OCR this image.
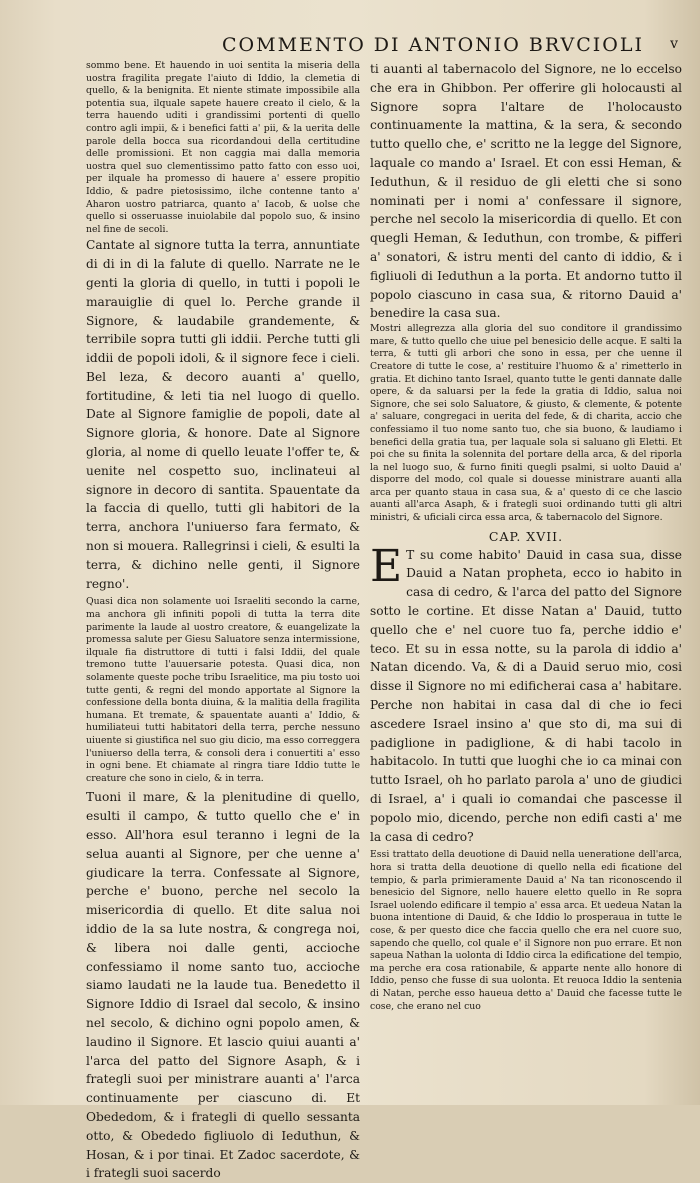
COMMENTO DI ANTONIO BRVCIOLI	v

sommo bene. Et hauendo in uoi sentita la miseria della uostra fragilita pregate l'aiuto di Iddio, la clemetia di quello, & la benignita. Et niente stimate impossibile alla potentia sua, ilquale sapete hauere creato il cielo, & la terra hauendo uditi i grandissimi portenti di quello contro agli impii, & i benefici fatti a' pii, & la uerita delle parole della bocca sua ricordandoui della certitudine delle promissioni. Et non caggia mai dalla memoria uostra quel suo clementissimo patto fatto con esso uoi, per ilquale ha promesso di hauere a' essere propitio Iddio, & padre pietosissimo, ilche contenne tanto a' Aharon uostro patriarca, quanto a' Iacob, & uolse che quello si osseruasse inuiolabile dal popolo suo, & insino nel fine de secoli.

Cantate al signore tutta la terra, annuntiate di di in di la falute di quello. Narrate ne le genti la gloria di quello, in tutti i popoli le marauiglie di quel lo. Perche grande il Signore, & laudabile grandemente, & terribile sopra tutti gli iddii. Perche tutti gli iddii de popoli idoli, & il signore fece i cieli. Bel leza, & decoro auanti a' quello, fortitudine, & leti tia nel luogo di quello. Date al Signore famiglie de popoli, date al Signore gloria, & honore. Date al Signore gloria, al nome di quello leuate l'offer te, & uenite nel cospetto suo, inclinateui al signore in decoro di santita. Spauentate da la faccia di quello, tutti gli habitori de la terra, anchora l'uniuerso fara fermato, & non si mouera. Rallegrinsi i cieli, & esulti la terra, & dichino nelle genti, il Signore regno'.

Quasi dica non solamente uoi Israeliti secondo la carne, ma anchora gli infiniti popoli di tutta la terra dite parimente la laude al uostro creatore, & euangelizate la promessa salute per Giesu Saluatore senza intermissione, ilquale fia distruttore di tutti i falsi Iddii, del quale tremono tutte l'auuersarie potesta. Quasi dica, non solamente queste poche tribu Israelitice, ma piu tosto uoi tutte genti, & regni del mondo apportate al Signore la confessione della bonta diuina, & la malitia della fragilita humana. Et tremate, & spauentate auanti a' Iddio, & humiliateui tutti habitatori della terra, perche nessuno uiuente si giustifica nel suo giu dicio, ma esso correggera l'uniuerso della terra, & consoli dera i conuertiti a' esso in ogni bene. Et chiamate al ringra tiare Iddio tutte le creature che sono in cielo, & in terra.

Tuoni il mare, & la plenitudine di quello, esulti il campo, & tutto quello che e' in esso. All'hora esul teranno i legni de la selua auanti al Signore, per che uenne a' giudicare la terra. Confessate al Signore, perche e' buono, perche nel secolo la misericordia di quello. Et dite salua noi iddio de la sa lute nostra, & congrega noi, & libera noi dalle genti, accioche confessiamo il nome santo tuo, accioche siamo laudati ne la laude tua. Benedetto il Signore Iddio di Israel dal secolo, & insino nel secolo, & dichino ogni popolo amen, & laudino il Signore. Et lascio quiui auanti a' l'arca del patto del Signore Asaph, & i frategli suoi per ministrare auanti a' l'arca continuamente per ciascuno di. Et Obededom, & i frategli di quello sessanta otto, & Obededo figliuolo di Ieduthun, & Hosan, & i por tinai. Et Zadoc sacerdote, & i frategli suoi sacerdo

ti auanti al tabernacolo del Signore, ne lo eccelso che era in Ghibbon. Per offerire gli holocausti al Signore sopra l'altare de l'holocausto continuamente la mattina, & la sera, & secondo tutto quello che, e' scritto ne la legge del Signore, laquale co mando a' Israel. Et con essi Heman, & Ieduthun, & il residuo de gli eletti che si sono nominati per i nomi a' confessare il signore, perche nel secolo la misericordia di quello. Et con quegli Heman, & Ieduthun, con trombe, & pifferi a' sonatori, & istru menti del canto di iddio, & i figliuoli di Ieduthun a la porta. Et andorno tutto il popolo ciascuno in casa sua, & ritorno Dauid a' benedire la casa sua.

Mostri allegrezza alla gloria del suo conditore il grandissimo mare, & tutto quello che uiue pel benesicio delle acque. E salti la terra, & tutti gli arbori che sono in essa, per che uenne il Creatore di tutte le cose, a' restituire l'huomo & a' rimetterlo in gratia. Et dichino tanto Israel, quanto tutte le genti dannate dalle opere, & da saluarsi per la fede la gratia di Iddio, salua noi Signore, che sei solo Saluatore, & giusto, & clemente, & potente a' saluare, congregaci in uerita del fede, & di charita, accio che confessiamo il tuo nome santo tuo, che sia buono, & laudiamo i benefici della gratia tua, per laquale sola si saluano gli Eletti. Et poi che su finita la solennita del portare della arca, & del riporla la nel luogo suo, & furno finiti quegli psalmi, si uolto Dauid a' disporre del modo, col quale si douesse ministrare auanti alla arca per quanto staua in casa sua, & a' questo di ce che lascio auanti all'arca Asaph, & i frategli suoi ordinando tutti gli altri ministri, & uficiali circa essa arca, & tabernacolo del Signore.

CAP. XVII.

E T su come habito' Dauid in casa sua, disse Dauid a Natan propheta, ecco io habito in casa di cedro, & l'arca del patto del Signore sotto le cortine. Et disse Natan a' Dauid, tutto quello che e' nel cuore tuo fa, perche iddio e' teco. Et su in essa notte, su la parola di iddio a' Natan dicendo. Va, & di a Dauid seruo mio, cosi disse il Signore no mi edificherai casa a' habitare. Perche non habitai in casa dal di che io feci ascedere Israel insino a' que sto di, ma sui di padiglione in padiglione, & di habi tacolo in habitacolo. In tutti que luoghi che io ca minai con tutto Israel, oh ho parlato parola a' uno de giudici di Israel, a' i quali io comandai che pascesse il popolo mio, dicendo, perche non edifi casti a' me la casa di cedro?

Essi trattato della deuotione di Dauid nella ueneratione dell'arca, hora si tratta della deuotione di quello nella edi ficatione del tempio, & parla primieramente Dauid a' Na tan riconoscendo il benesicio del Signore, nello hauere eletto quello in Re sopra Israel uolendo edificare il tempio a' essa arca. Et uedeua Natan la buona intentione di Dauid, & che Iddio lo prosperaua in tutte le cose, & per questo dice che faccia quello che era nel cuore suo, sapendo che quello, col quale e' il Signore non puo errare. Et non sapeua Nathan la uolonta di Iddio circa la edificatione del tempio, ma perche era cosa rationabile, & apparte nente allo honore di Iddio, penso che fusse di sua uolonta. Et reuoca Iddio la sentenia di Natan, perche esso haueua detto a' Dauid che facesse tutte le cose, che erano nel cuo
